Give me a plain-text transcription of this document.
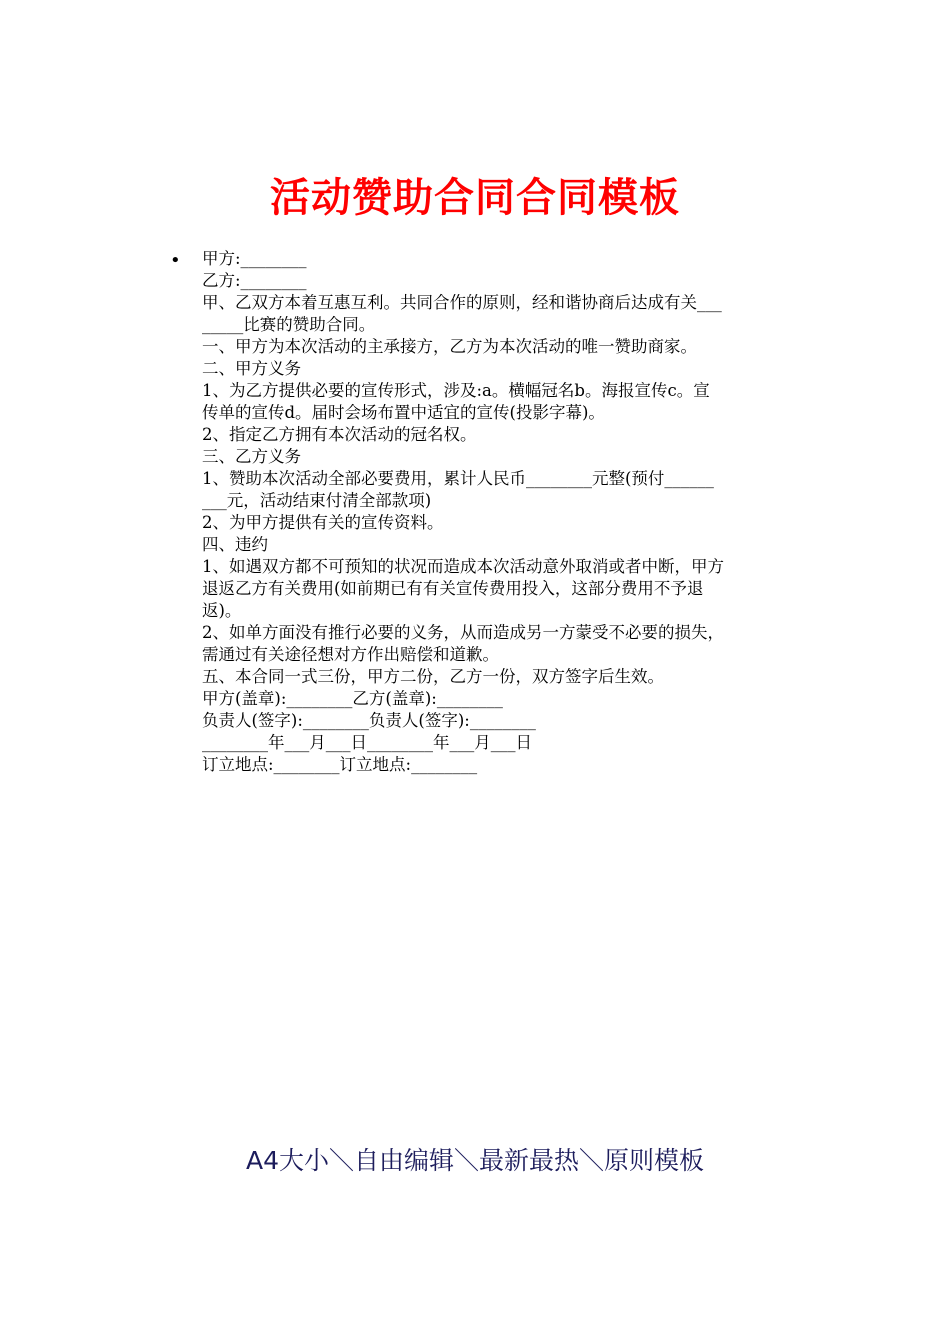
活动赞助合同合同模板
• 甲方:________
乙方:________
甲、乙双方本着互惠互利。共同合作的原则，经和谐协商后达成有关___
_____比赛的赞助合同。
一、甲方为本次活动的主承接方，乙方为本次活动的唯一赞助商家。
二、甲方义务
1、为乙方提供必要的宣传形式，涉及:a。横幅冠名b。海报宣传c。宣
传单的宣传d。届时会场布置中适宜的宣传(投影字幕)。
2、指定乙方拥有本次活动的冠名权。
三、乙方义务
1、赞助本次活动全部必要费用，累计人民币________元整(预付______
___元，活动结束付清全部款项)
2、为甲方提供有关的宣传资料。
四、违约
1、如遇双方都不可预知的状况而造成本次活动意外取消或者中断，甲方
退返乙方有关费用(如前期已有有关宣传费用投入，这部分费用不予退
返)。
2、如单方面没有推行必要的义务，从而造成另一方蒙受不必要的损失，
需通过有关途径想对方作出赔偿和道歉。
五、本合同一式三份，甲方二份，乙方一份，双方签字后生效。
甲方(盖章):________乙方(盖章):________
负责人(签字):________负责人(签字):________
________年___月___日________年___月___日
订立地点:________订立地点:________
A4大小＼自由编辑＼最新最热＼原则模板
